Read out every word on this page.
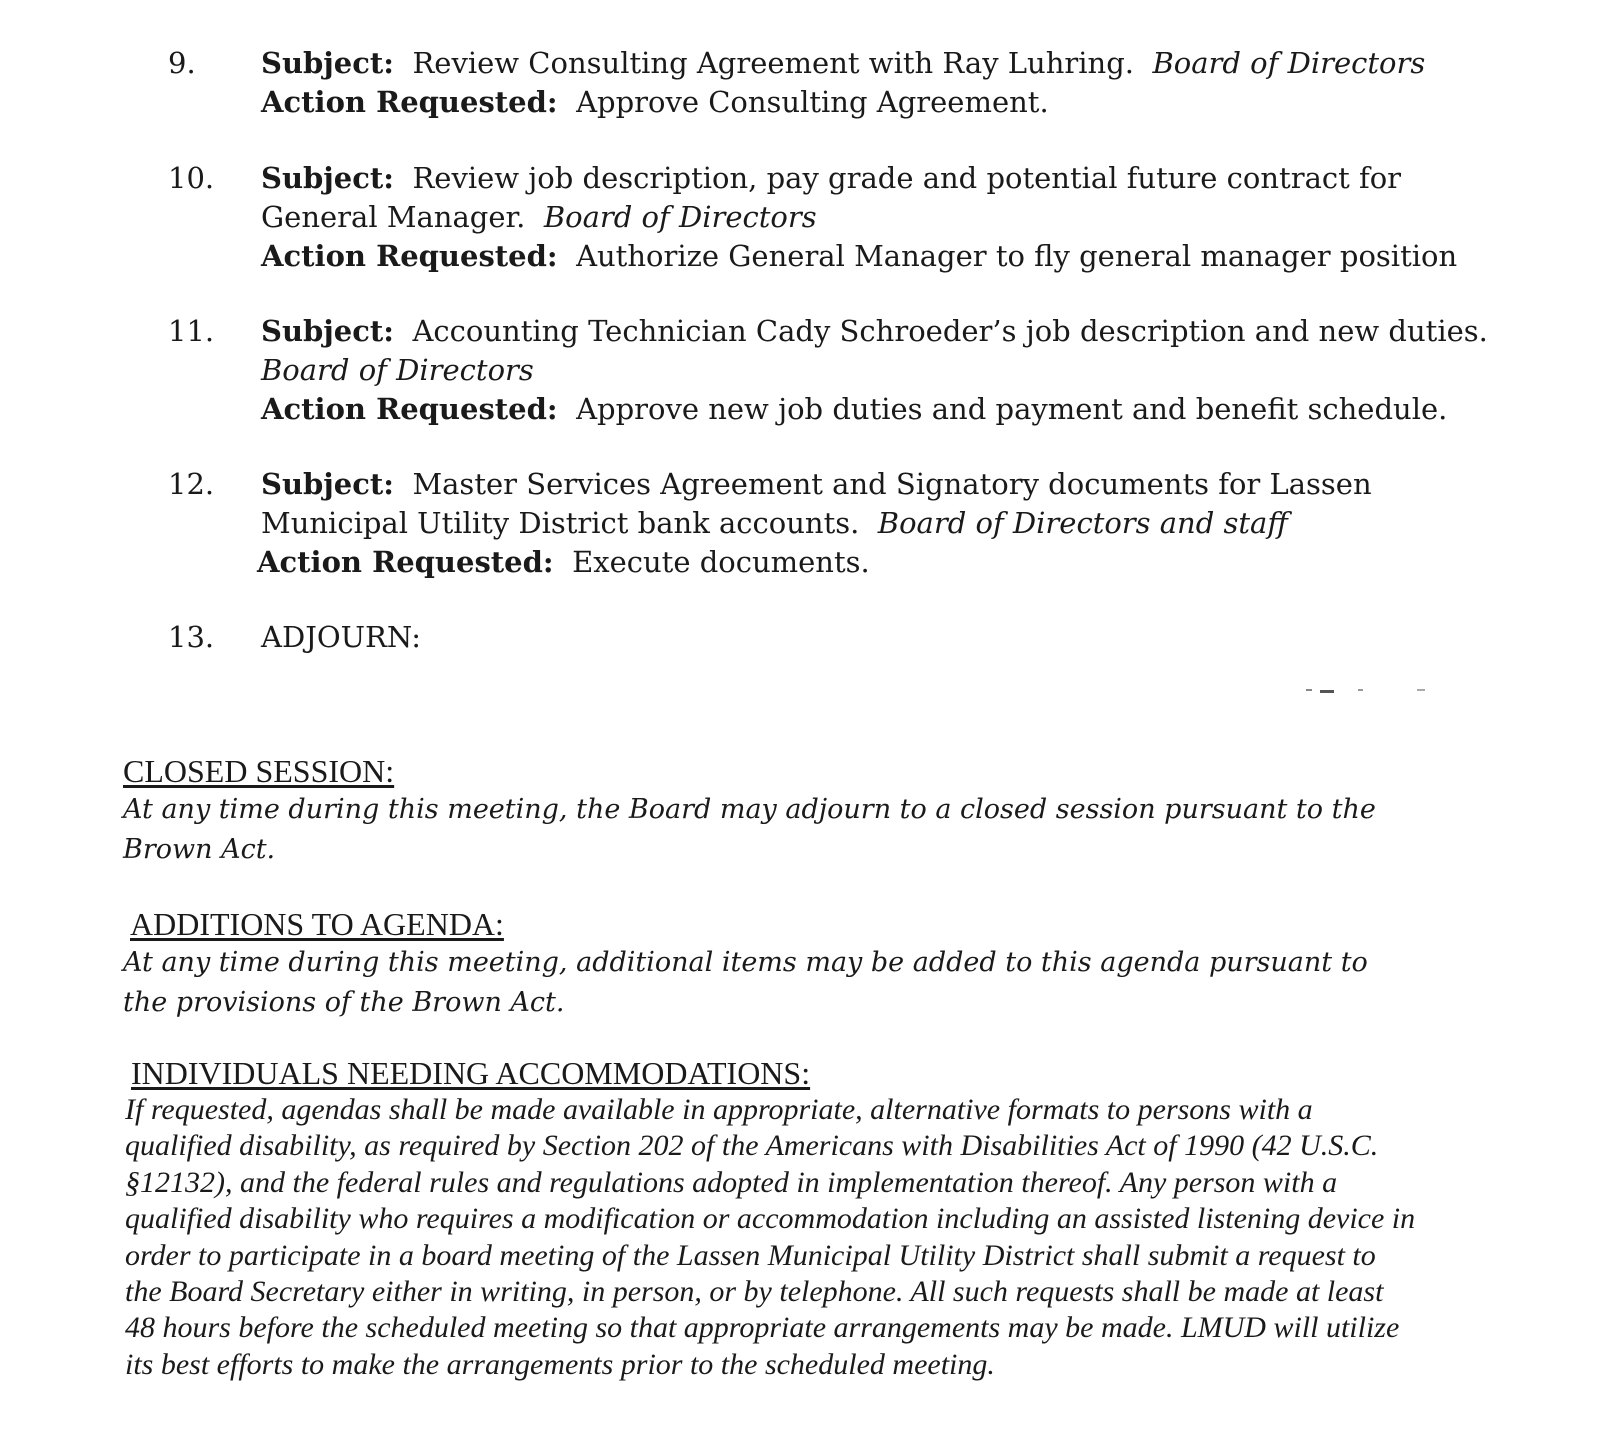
9.	Subject: Review Consulting Agreement with Ray Luhring. Board of Directors
Action Requested: Approve Consulting Agreement.
10.	Subject: Review job description, pay grade and potential future contract for
General Manager. Board of Directors
Action Requested: Authorize General Manager to fly general manager position
11.	Subject: Accounting Technician Cady Schroeder’s job description and new duties.
Board of Directors
Action Requested: Approve new job duties and payment and benefit schedule.
12.	Subject: Master Services Agreement and Signatory documents for Lassen
Municipal Utility District bank accounts. Board of Directors and staff
Action Requested: Execute documents.
13.	ADJOURN:
CLOSED SESSION:
At any time during this meeting, the Board may adjourn to a closed session pursuant to the
Brown Act.
ADDITIONS TO AGENDA:
At any time during this meeting, additional items may be added to this agenda pursuant to
the provisions of the Brown Act.
INDIVIDUALS NEEDING ACCOMMODATIONS:
If requested, agendas shall be made available in appropriate, alternative formats to persons with a
qualified disability, as required by Section 202 of the Americans with Disabilities Act of 1990 (42 U.S.C.
§12132), and the federal rules and regulations adopted in implementation thereof. Any person with a
qualified disability who requires a modification or accommodation including an assisted listening device in
order to participate in a board meeting of the Lassen Municipal Utility District shall submit a request to
the Board Secretary either in writing, in person, or by telephone. All such requests shall be made at least
48 hours before the scheduled meeting so that appropriate arrangements may be made. LMUD will utilize
its best efforts to make the arrangements prior to the scheduled meeting.
